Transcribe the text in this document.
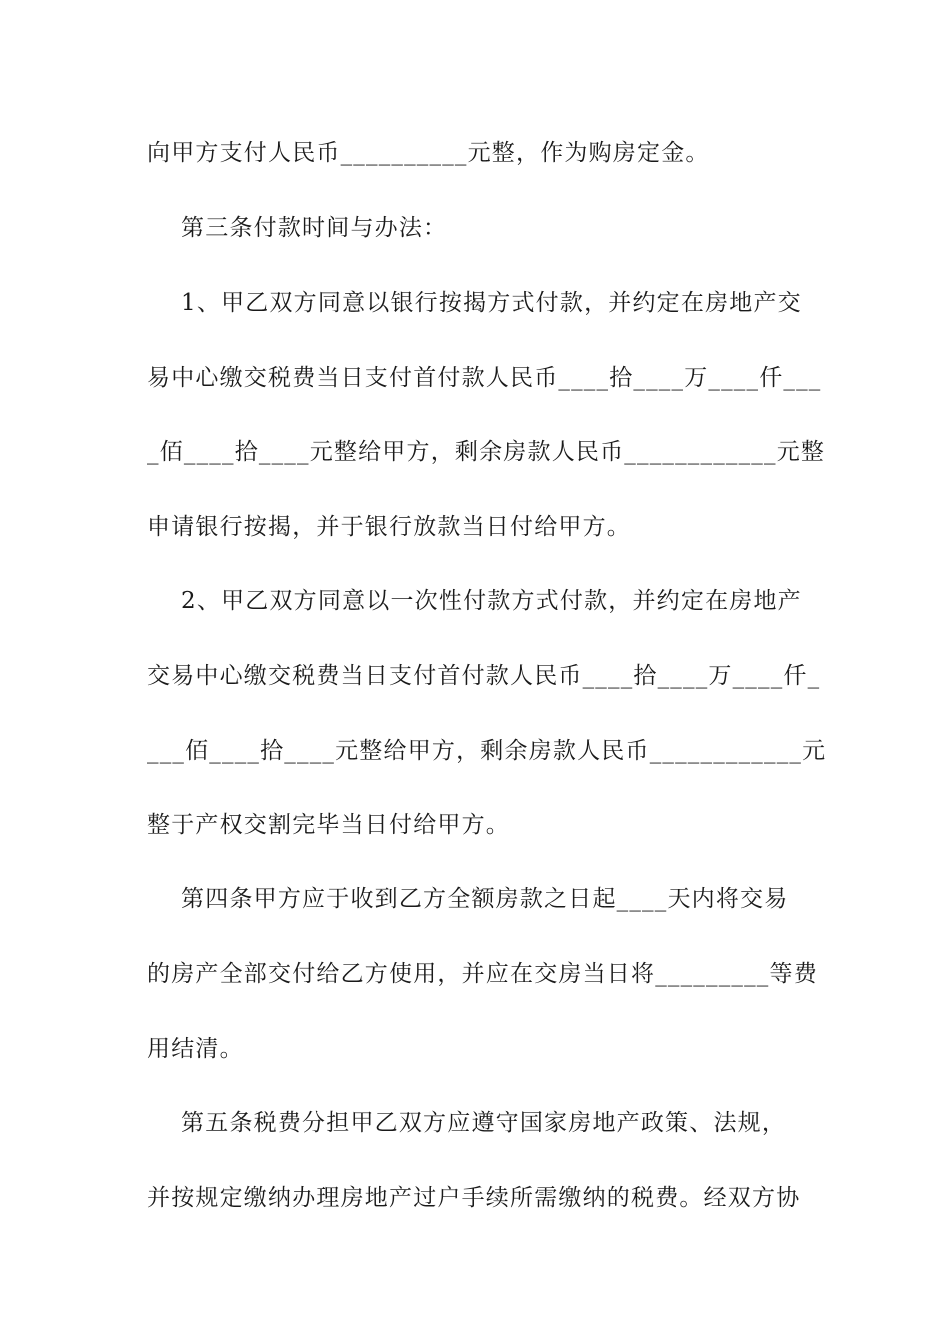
向甲方支付人民币__________元整，作为购房定金。
第三条付款时间与办法：
1、甲乙双方同意以银行按揭方式付款，并约定在房地产交
易中心缴交税费当日支付首付款人民币____拾____万____仟___
_佰____拾____元整给甲方，剩余房款人民币____________元整
申请银行按揭，并于银行放款当日付给甲方。
2、甲乙双方同意以一次性付款方式付款，并约定在房地产
交易中心缴交税费当日支付首付款人民币____拾____万____仟_
___佰____拾____元整给甲方，剩余房款人民币____________元
整于产权交割完毕当日付给甲方。
第四条甲方应于收到乙方全额房款之日起____天内将交易
的房产全部交付给乙方使用，并应在交房当日将_________等费
用结清。
第五条税费分担甲乙双方应遵守国家房地产政策、法规，
并按规定缴纳办理房地产过户手续所需缴纳的税费。经双方协
